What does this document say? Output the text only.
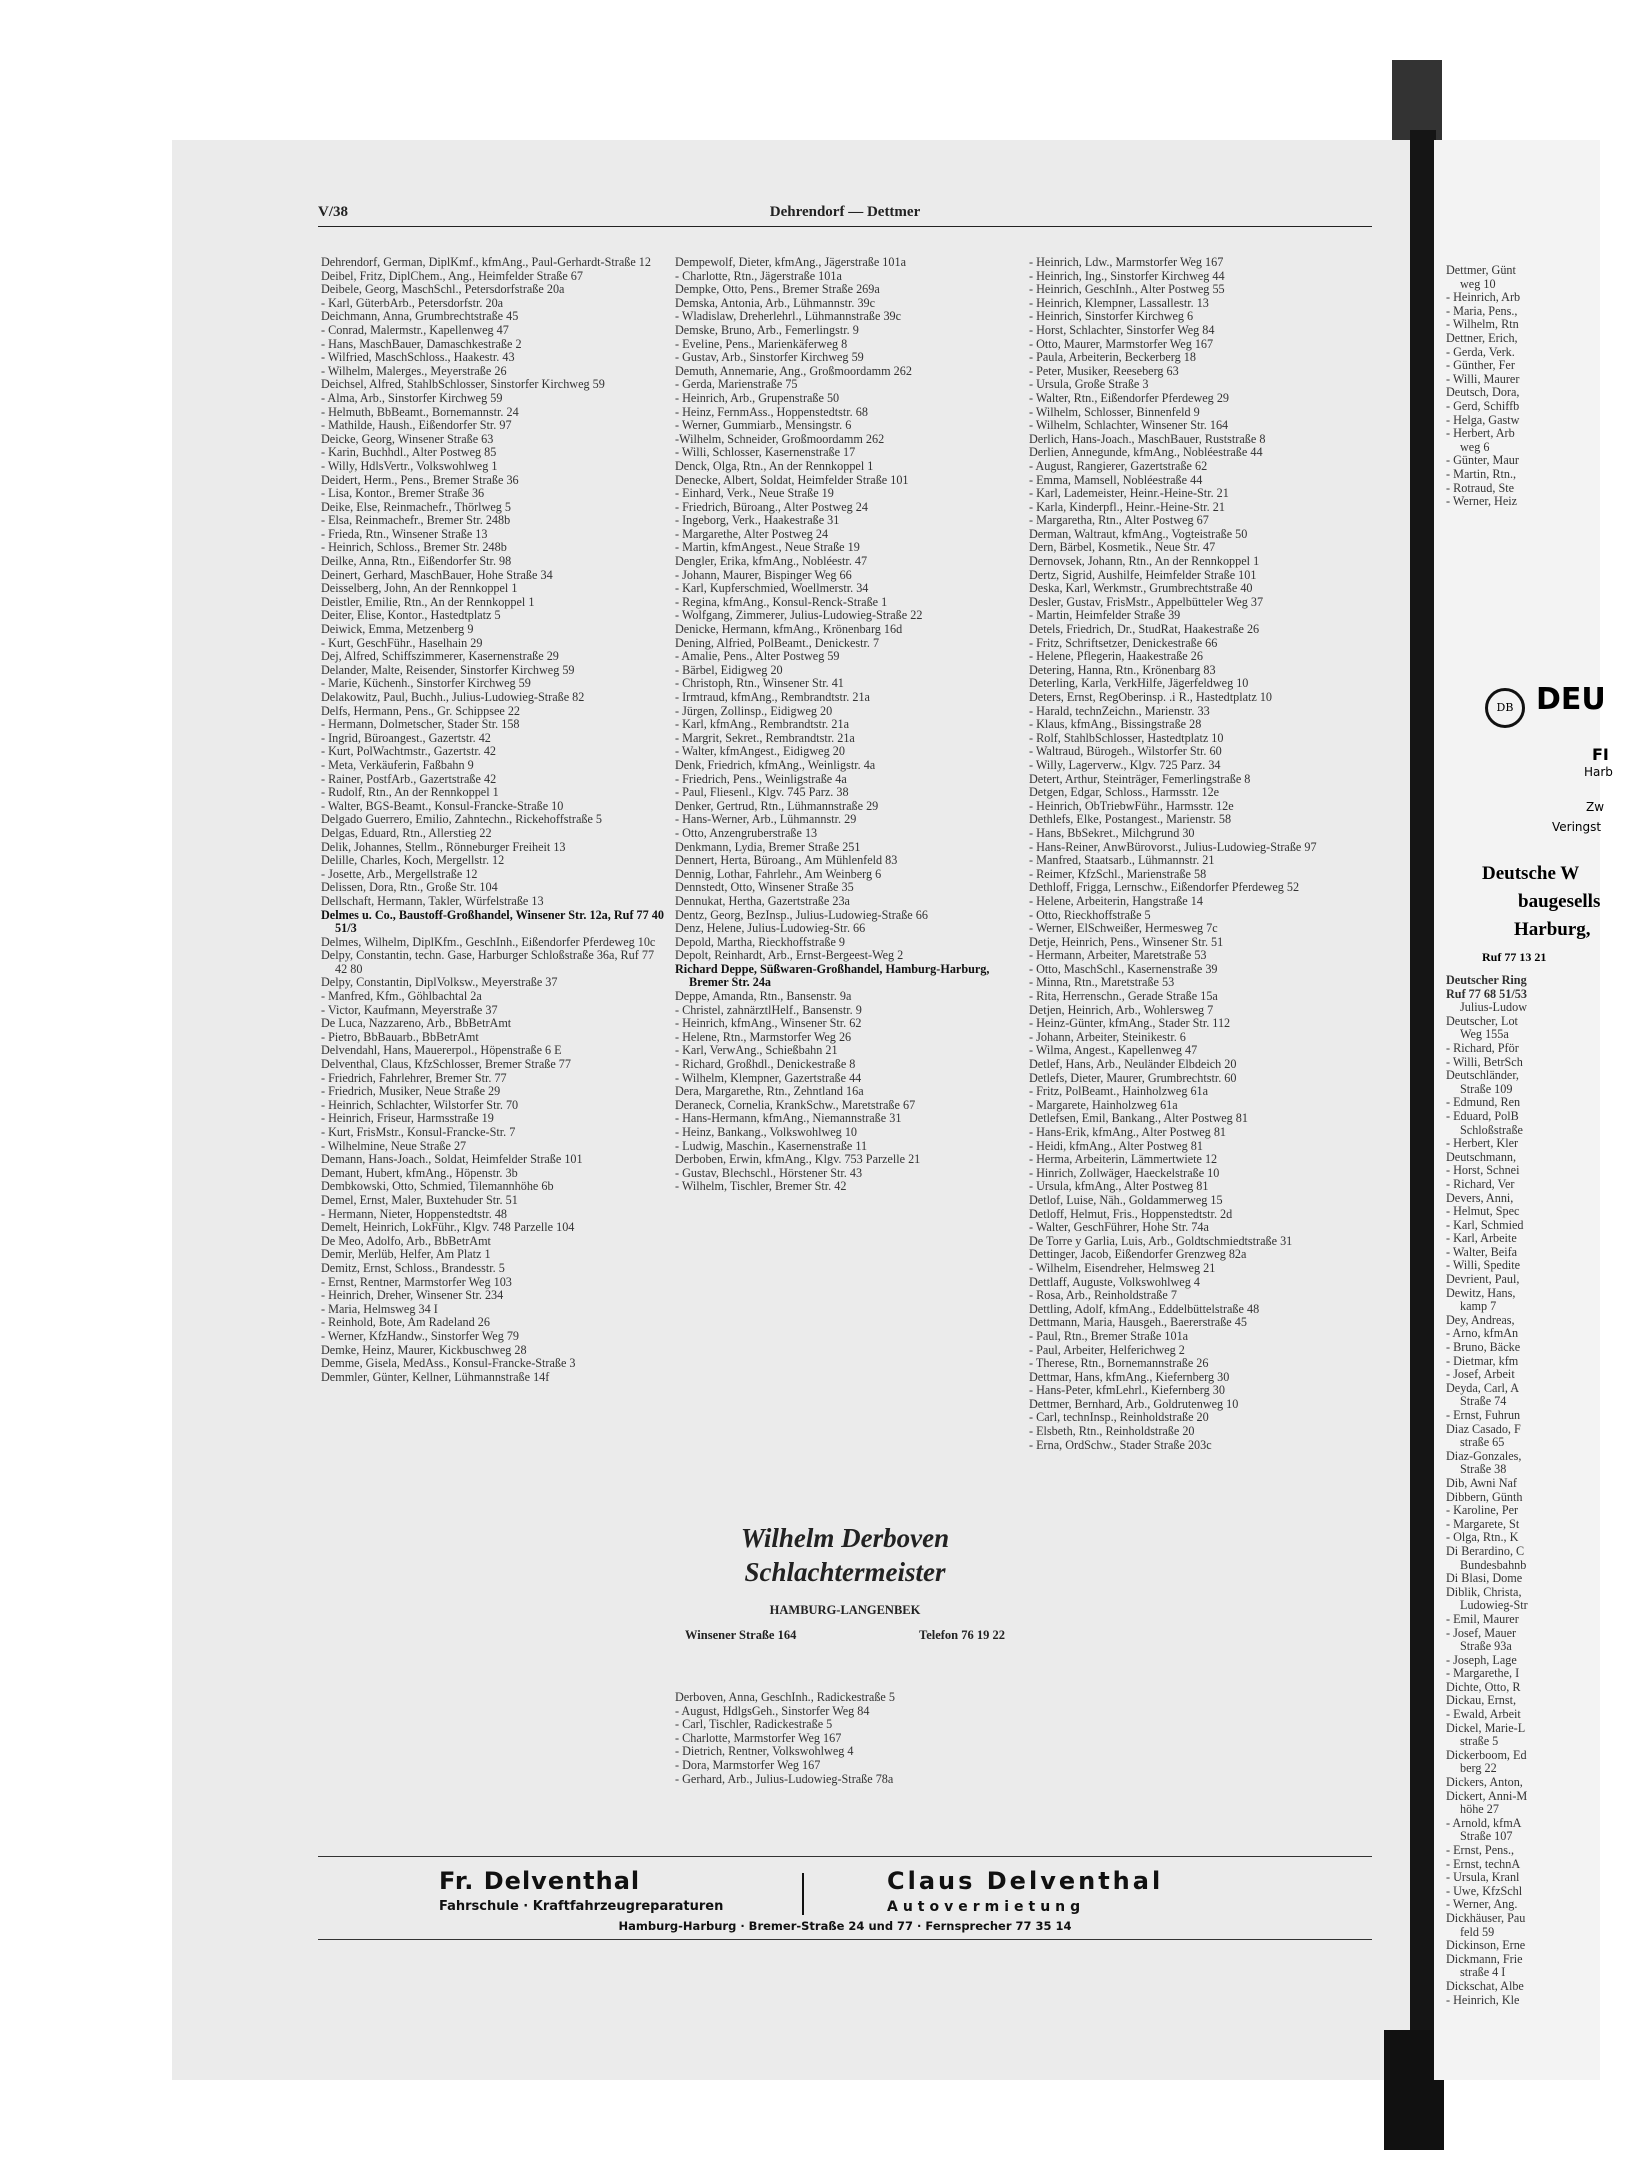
Dettmer, Günt
weg 10
- Heinrich, Arb
- Maria, Pens.,
- Wilhelm, Rtn
Dettner, Erich,
- Gerda, Verk.
- Günther, Fer
- Willi, Maurer
Deutsch, Dora,
- Gerd, Schiffb
- Helga, Gastw
- Herbert, Arb
weg 6
- Günter, Maur
- Martin, Rtn.,
- Rotraud, Ste
- Werner, Heiz
DB DEU
FI
Harb
Zw
Veringst
Deutsche W
baugesells
Harburg,
Ruf 77 13 21
Deutscher Ring
Ruf 77 68 51/53
Julius-Ludow
Deutscher, Lot
Weg 155a
- Richard, Pför
- Willi, BetrSch
Deutschländer,
Straße 109
- Edmund, Ren
- Eduard, PolB
Schloßstraße
- Herbert, Kler
Deutschmann,
- Horst, Schnei
- Richard, Ver
Devers, Anni,
- Helmut, Spec
- Karl, Schmied
- Karl, Arbeite
- Walter, Beifa
- Willi, Spedite
Devrient, Paul,
Dewitz, Hans,
kamp 7
Dey, Andreas,
- Arno, kfmAn
- Bruno, Bäcke
- Dietmar, kfm
- Josef, Arbeit
Deyda, Carl, A
Straße 74
- Ernst, Fuhrun
Diaz Casado, F
straße 65
Diaz-Gonzales,
Straße 38
Dib, Awni Naf
Dibbern, Günth
- Karoline, Per
- Margarete, St
- Olga, Rtn., K
Di Berardino, C
Bundesbahnb
Di Blasi, Dome
Diblik, Christa,
Ludowieg-Str
- Emil, Maurer
- Josef, Mauer
Straße 93a
- Joseph, Lage
- Margarethe, I
Dichte, Otto, R
Dickau, Ernst,
- Ewald, Arbeit
Dickel, Marie-L
straße 5
Dickerboom, Ed
berg 22
Dickers, Anton,
Dickert, Anni-M
höhe 27
- Arnold, kfmA
Straße 107
- Ernst, Pens.,
- Ernst, technA
- Ursula, Kranl
- Uwe, KfzSchl
- Werner, Ang.
Dickhäuser, Pau
feld 59
Dickinson, Erne
Dickmann, Frie
straße 4 I
Dickschat, Albe
- Heinrich, Kle
V/38	Dehrendorf — Dettmer
Dehrendorf, German, DiplKmf., kfmAng., Paul-Gerhardt-Straße 12
Deibel, Fritz, DiplChem., Ang., Heimfelder Straße 67
Deibele, Georg, MaschSchl., Petersdorfstraße 20a
- Karl, GüterbArb., Petersdorfstr. 20a
Deichmann, Anna, Grumbrechtstraße 45
- Conrad, Malermstr., Kapellenweg 47
- Hans, MaschBauer, Damaschkestraße 2
- Wilfried, MaschSchloss., Haakestr. 43
- Wilhelm, Malerges., Meyerstraße 26
Deichsel, Alfred, StahlbSchlosser, Sinstorfer Kirchweg 59
- Alma, Arb., Sinstorfer Kirchweg 59
- Helmuth, BbBeamt., Bornemannstr. 24
- Mathilde, Haush., Eißendorfer Str. 97
Deicke, Georg, Winsener Straße 63
- Karin, Buchhdl., Alter Postweg 85
- Willy, HdlsVertr., Volkswohlweg 1
Deidert, Herm., Pens., Bremer Straße 36
- Lisa, Kontor., Bremer Straße 36
Deike, Else, Reinmachefr., Thörlweg 5
- Elsa, Reinmachefr., Bremer Str. 248b
- Frieda, Rtn., Winsener Straße 13
- Heinrich, Schloss., Bremer Str. 248b
Deilke, Anna, Rtn., Eißendorfer Str. 98
Deinert, Gerhard, MaschBauer, Hohe Straße 34
Deisselberg, John, An der Rennkoppel 1
Deistler, Emilie, Rtn., An der Rennkoppel 1
Deiter, Elise, Kontor., Hastedtplatz 5
Deiwick, Emma, Metzenberg 9
- Kurt, GeschFühr., Haselhain 29
Dej, Alfred, Schiffszimmerer, Kasernenstraße 29
Delander, Malte, Reisender, Sinstorfer Kirchweg 59
- Marie, Küchenh., Sinstorfer Kirchweg 59
Delakowitz, Paul, Buchh., Julius-Ludowieg-Straße 82
Delfs, Hermann, Pens., Gr. Schippsee 22
- Hermann, Dolmetscher, Stader Str. 158
- Ingrid, Büroangest., Gazertstr. 42
- Kurt, PolWachtmstr., Gazertstr. 42
- Meta, Verkäuferin, Faßbahn 9
- Rainer, PostfArb., Gazertstraße 42
- Rudolf, Rtn., An der Rennkoppel 1
- Walter, BGS-Beamt., Konsul-Francke-Straße 10
Delgado Guerrero, Emilio, Zahntechn., Rickehoffstraße 5
Delgas, Eduard, Rtn., Allerstieg 22
Delik, Johannes, Stellm., Rönneburger Freiheit 13
Delille, Charles, Koch, Mergellstr. 12
- Josette, Arb., Mergellstraße 12
Delissen, Dora, Rtn., Große Str. 104
Dellschaft, Hermann, Takler, Würfelstraße 13
Delmes u. Co., Baustoff-Großhandel, Winsener Str. 12a, Ruf 77 40 51/3
Delmes, Wilhelm, DiplKfm., GeschInh., Eißendorfer Pferdeweg 10c
Delpy, Constantin, techn. Gase, Harburger Schloßstraße 36a, Ruf 77 42 80
Delpy, Constantin, DiplVolksw., Meyerstraße 37
- Manfred, Kfm., Göhlbachtal 2a
- Victor, Kaufmann, Meyerstraße 37
De Luca, Nazzareno, Arb., BbBetrAmt
- Pietro, BbBauarb., BbBetrAmt
Delvendahl, Hans, Mauererpol., Höpenstraße 6 E
Delventhal, Claus, KfzSchlosser, Bremer Straße 77
- Friedrich, Fahrlehrer, Bremer Str. 77
- Friedrich, Musiker, Neue Straße 29
- Heinrich, Schlachter, Wilstorfer Str. 70
- Heinrich, Friseur, Harmsstraße 19
- Kurt, FrisMstr., Konsul-Francke-Str. 7
- Wilhelmine, Neue Straße 27
Demann, Hans-Joach., Soldat, Heimfelder Straße 101
Demant, Hubert, kfmAng., Höpenstr. 3b
Dembkowski, Otto, Schmied, Tilemannhöhe 6b
Demel, Ernst, Maler, Buxtehuder Str. 51
- Hermann, Nieter, Hoppenstedtstr. 48
Demelt, Heinrich, LokFühr., Klgv. 748 Parzelle 104
De Meo, Adolfo, Arb., BbBetrAmt
Demir, Merlüb, Helfer, Am Platz 1
Demitz, Ernst, Schloss., Brandesstr. 5
- Ernst, Rentner, Marmstorfer Weg 103
- Heinrich, Dreher, Winsener Str. 234
- Maria, Helmsweg 34 I
- Reinhold, Bote, Am Radeland 26
- Werner, KfzHandw., Sinstorfer Weg 79
Demke, Heinz, Maurer, Kickbuschweg 28
Demme, Gisela, MedAss., Konsul-Francke-Straße 3
Demmler, Günter, Kellner, Lühmannstraße 14f
Dempewolf, Dieter, kfmAng., Jägerstraße 101a
- Charlotte, Rtn., Jägerstraße 101a
Dempke, Otto, Pens., Bremer Straße 269a
Demska, Antonia, Arb., Lühmannstr. 39c
- Wladislaw, Dreherlehrl., Lühmannstraße 39c
Demske, Bruno, Arb., Femerlingstr. 9
- Eveline, Pens., Marienkäferweg 8
- Gustav, Arb., Sinstorfer Kirchweg 59
Demuth, Annemarie, Ang., Großmoordamm 262
- Gerda, Marienstraße 75
- Heinrich, Arb., Grupenstraße 50
- Heinz, FernmAss., Hoppenstedtstr. 68
- Werner, Gummiarb., Mensingstr. 6
-Wilhelm, Schneider, Großmoordamm 262
- Willi, Schlosser, Kasernenstraße 17
Denck, Olga, Rtn., An der Rennkoppel 1
Denecke, Albert, Soldat, Heimfelder Straße 101
- Einhard, Verk., Neue Straße 19
- Friedrich, Büroang., Alter Postweg 24
- Ingeborg, Verk., Haakestraße 31
- Margarethe, Alter Postweg 24
- Martin, kfmAngest., Neue Straße 19
Dengler, Erika, kfmAng., Nobléestr. 47
- Johann, Maurer, Bispinger Weg 66
- Karl, Kupferschmied, Woellmerstr. 34
- Regina, kfmAng., Konsul-Renck-Straße 1
- Wolfgang, Zimmerer, Julius-Ludowieg-Straße 22
Denicke, Hermann, kfmAng., Krönenbarg 16d
Dening, Alfried, PolBeamt., Denickestr. 7
- Amalie, Pens., Alter Postweg 59
- Bärbel, Eidigweg 20
- Christoph, Rtn., Winsener Str. 41
- Irmtraud, kfmAng., Rembrandtstr. 21a
- Jürgen, Zollinsp., Eidigweg 20
- Karl, kfmAng., Rembrandtstr. 21a
- Margrit, Sekret., Rembrandtstr. 21a
- Walter, kfmAngest., Eidigweg 20
Denk, Friedrich, kfmAng., Weinligstr. 4a
- Friedrich, Pens., Weinligstraße 4a
- Paul, Fliesenl., Klgv. 745 Parz. 38
Denker, Gertrud, Rtn., Lühmannstraße 29
- Hans-Werner, Arb., Lühmannstr. 29
- Otto, Anzengruberstraße 13
Denkmann, Lydia, Bremer Straße 251
Dennert, Herta, Büroang., Am Mühlenfeld 83
Dennig, Lothar, Fahrlehr., Am Weinberg 6
Dennstedt, Otto, Winsener Straße 35
Dennukat, Hertha, Gazertstraße 23a
Dentz, Georg, BezInsp., Julius-Ludowieg-Straße 66
Denz, Helene, Julius-Ludowieg-Str. 66
Depold, Martha, Rieckhoffstraße 9
Depolt, Reinhardt, Arb., Ernst-Bergeest-Weg 2
Richard Deppe, Süßwaren-Großhandel, Hamburg-Harburg, Bremer Str. 24a
Deppe, Amanda, Rtn., Bansenstr. 9a
- Christel, zahnärztlHelf., Bansenstr. 9
- Heinrich, kfmAng., Winsener Str. 62
- Helene, Rtn., Marmstorfer Weg 26
- Karl, VerwAng., Schießbahn 21
- Richard, Großhdl., Denickestraße 8
- Wilhelm, Klempner, Gazertstraße 44
Dera, Margarethe, Rtn., Zehntland 16a
Deraneck, Cornelia, KrankSchw., Maretstraße 67
- Hans-Hermann, kfmAng., Niemannstraße 31
- Heinz, Bankang., Volkswohlweg 10
- Ludwig, Maschin., Kasernenstraße 11
Derboben, Erwin, kfmAng., Klgv. 753 Parzelle 21
- Gustav, Blechschl., Hörstener Str. 43
- Wilhelm, Tischler, Bremer Str. 42
- Heinrich, Ldw., Marmstorfer Weg 167
- Heinrich, Ing., Sinstorfer Kirchweg 44
- Heinrich, GeschInh., Alter Postweg 55
- Heinrich, Klempner, Lassallestr. 13
- Heinrich, Sinstorfer Kirchweg 6
- Horst, Schlachter, Sinstorfer Weg 84
- Otto, Maurer, Marmstorfer Weg 167
- Paula, Arbeiterin, Beckerberg 18
- Peter, Musiker, Reeseberg 63
- Ursula, Große Straße 3
- Walter, Rtn., Eißendorfer Pferdeweg 29
- Wilhelm, Schlosser, Binnenfeld 9
- Wilhelm, Schlachter, Winsener Str. 164
Derlich, Hans-Joach., MaschBauer, Ruststraße 8
Derlien, Annegunde, kfmAng., Nobléestraße 44
- August, Rangierer, Gazertstraße 62
- Emma, Mamsell, Nobléestraße 44
- Karl, Lademeister, Heinr.-Heine-Str. 21
- Karla, Kinderpfl., Heinr.-Heine-Str. 21
- Margaretha, Rtn., Alter Postweg 67
Derman, Waltraut, kfmAng., Vogteistraße 50
Dern, Bärbel, Kosmetik., Neue Str. 47
Dernovsek, Johann, Rtn., An der Rennkoppel 1
Dertz, Sigrid, Aushilfe, Heimfelder Straße 101
Deska, Karl, Werkmstr., Grumbrechtstraße 40
Desler, Gustav, FrisMstr., Appelbütteler Weg 37
- Martin, Heimfelder Straße 39
Detels, Friedrich, Dr., StudRat, Haakestraße 26
- Fritz, Schriftsetzer, Denickestraße 66
- Helene, Pflegerin, Haakestraße 26
Detering, Hanna, Rtn., Krönenbarg 83
Deterling, Karla, VerkHilfe, Jägerfeldweg 10
Deters, Ernst, RegOberinsp. .i R., Hastedtplatz 10
- Harald, technZeichn., Marienstr. 33
- Klaus, kfmAng., Bissingstraße 28
- Rolf, StahlbSchlosser, Hastedtplatz 10
- Waltraud, Bürogeh., Wilstorfer Str. 60
- Willy, Lagerverw., Klgv. 725 Parz. 34
Detert, Arthur, Steinträger, Femerlingstraße 8
Detgen, Edgar, Schloss., Harmsstr. 12e
- Heinrich, ObTriebwFühr., Harmsstr. 12e
Dethlefs, Elke, Postangest., Marienstr. 58
- Hans, BbSekret., Milchgrund 30
- Hans-Reiner, AnwBürovorst., Julius-Ludowieg-Straße 97
- Manfred, Staatsarb., Lühmannstr. 21
- Reimer, KfzSchl., Marienstraße 58
Dethloff, Frigga, Lernschw., Eißendorfer Pferdeweg 52
- Helene, Arbeiterin, Hangstraße 14
- Otto, Rieckhoffstraße 5
- Werner, ElSchweißer, Hermesweg 7c
Detje, Heinrich, Pens., Winsener Str. 51
- Hermann, Arbeiter, Maretstraße 53
- Otto, MaschSchl., Kasernenstraße 39
- Minna, Rtn., Maretstraße 53
- Rita, Herrenschn., Gerade Straße 15a
Detjen, Heinrich, Arb., Wohlersweg 7
- Heinz-Günter, kfmAng., Stader Str. 112
- Johann, Arbeiter, Steinikestr. 6
- Wilma, Angest., Kapellenweg 47
Detlef, Hans, Arb., Neuländer Elbdeich 20
Detlefs, Dieter, Maurer, Grumbrechtstr. 60
- Fritz, PolBeamt., Hainholzweg 61a
- Margarete, Hainholzweg 61a
Detlefsen, Emil, Bankang., Alter Postweg 81
- Hans-Erik, kfmAng., Alter Postweg 81
- Heidi, kfmAng., Alter Postweg 81
- Herma, Arbeiterin, Lämmertwiete 12
- Hinrich, Zollwäger, Haeckelstraße 10
- Ursula, kfmAng., Alter Postweg 81
Detlof, Luise, Näh., Goldammerweg 15
Detloff, Helmut, Fris., Hoppenstedtstr. 2d
- Walter, GeschFührer, Hohe Str. 74a
De Torre y Garlia, Luis, Arb., Goldtschmiedtstraße 31
Dettinger, Jacob, Eißendorfer Grenzweg 82a
- Wilhelm, Eisendreher, Helmsweg 21
Dettlaff, Auguste, Volkswohlweg 4
- Rosa, Arb., Reinholdstraße 7
Dettling, Adolf, kfmAng., Eddelbüttelstraße 48
Dettmann, Maria, Hausgeh., Baererstraße 45
- Paul, Rtn., Bremer Straße 101a
- Paul, Arbeiter, Helferichweg 2
- Therese, Rtn., Bornemannstraße 26
Dettmar, Hans, kfmAng., Kiefernberg 30
- Hans-Peter, kfmLehrl., Kiefernberg 30
Dettmer, Bernhard, Arb., Goldrutenweg 10
- Carl, technInsp., Reinholdstraße 20
- Elsbeth, Rtn., Reinholdstraße 20
- Erna, OrdSchw., Stader Straße 203c
Wilhelm Derboven
Schlachtermeister
HAMBURG-LANGENBEK
Winsener Straße 164	Telefon 76 19 22
Derboven, Anna, GeschInh., Radickestraße 5
- August, HdlgsGeh., Sinstorfer Weg 84
- Carl, Tischler, Radickestraße 5
- Charlotte, Marmstorfer Weg 167
- Dietrich, Rentner, Volkswohlweg 4
- Dora, Marmstorfer Weg 167
- Gerhard, Arb., Julius-Ludowieg-Straße 78a
Fr. Delventhal
Fahrschule · Kraftfahrzeugreparaturen
Claus Delventhal
Autovermietung
Hamburg-Harburg · Bremer-Straße 24 und 77 · Fernsprecher 77 35 14
